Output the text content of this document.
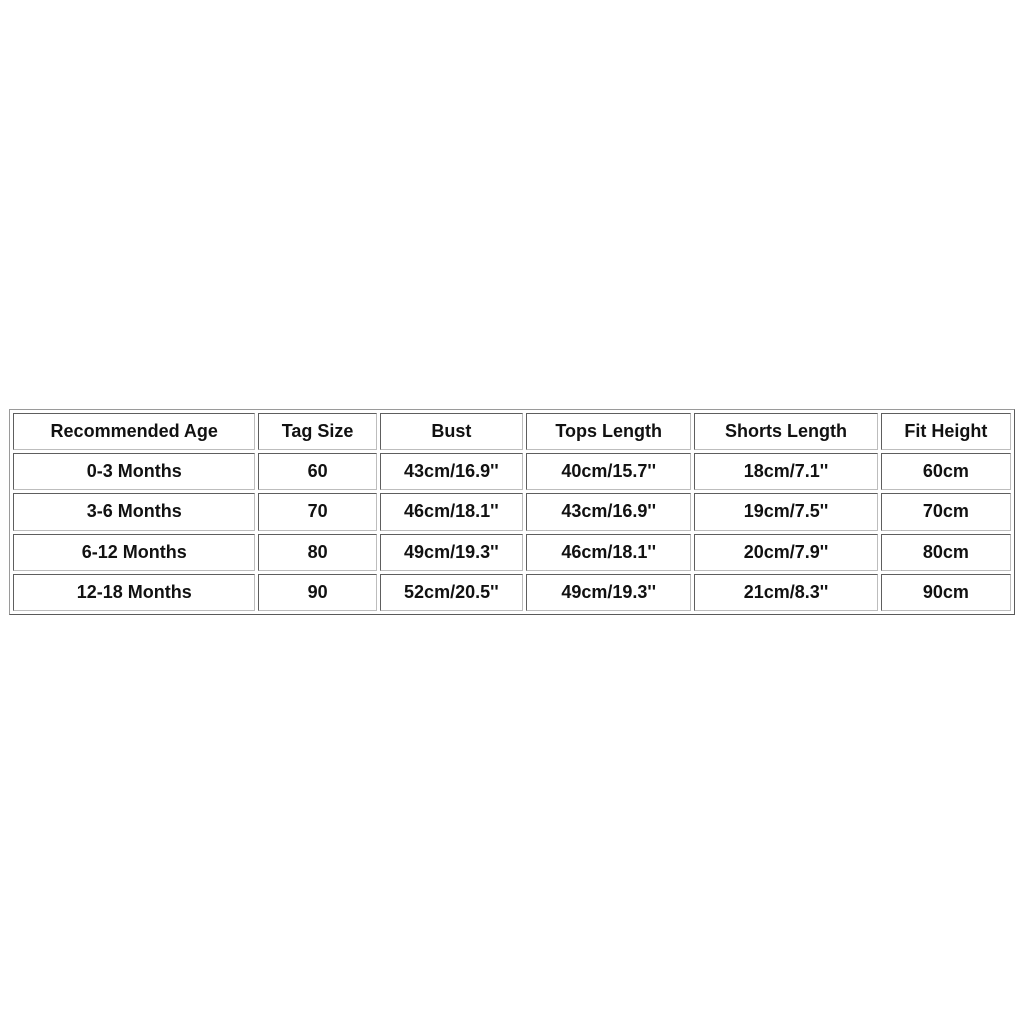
Recommended Age	Tag Size	Bust	Tops Length	Shorts Length	Fit Height
0-3 Months	60	43cm/16.9''	40cm/15.7''	18cm/7.1''	60cm
3-6 Months	70	46cm/18.1''	43cm/16.9''	19cm/7.5''	70cm
6-12 Months	80	49cm/19.3''	46cm/18.1''	20cm/7.9''	80cm
12-18 Months	90	52cm/20.5''	49cm/19.3''	21cm/8.3''	90cm
